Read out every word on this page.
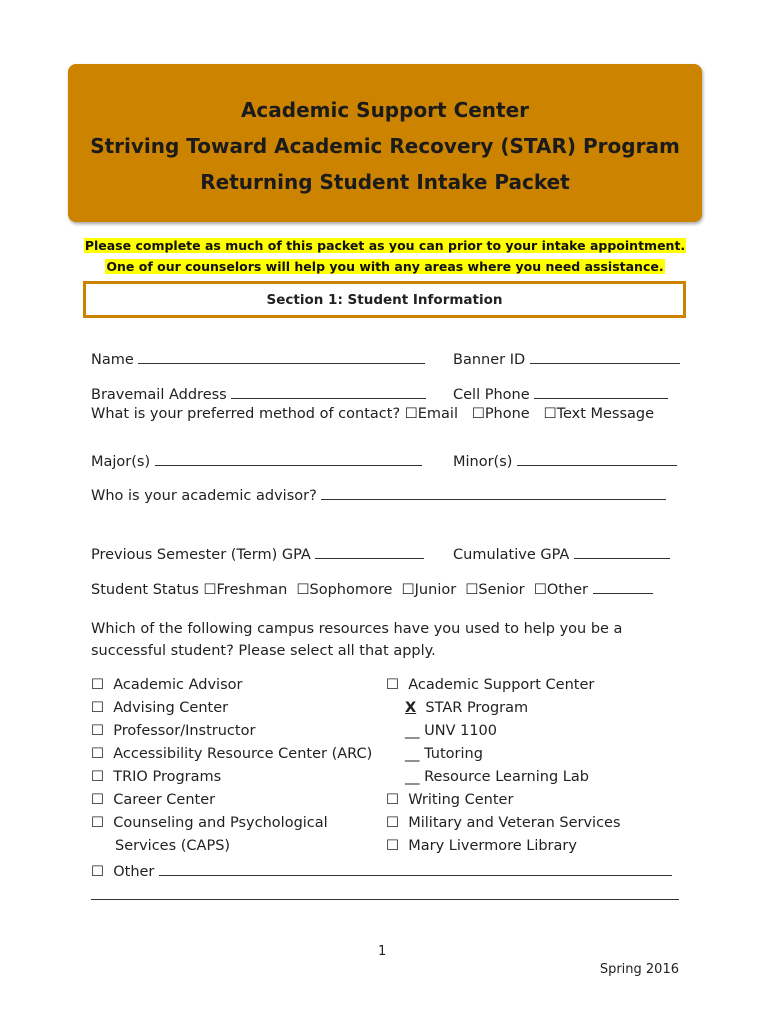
Academic Support Center
Striving Toward Academic Recovery (STAR) Program
Returning Student Intake Packet
Please complete as much of this packet as you can prior to your intake appointment.
One of our counselors will help you with any areas where you need assistance.
Section 1: Student Information
Name	Banner ID
Bravemail Address	Cell Phone
What is your preferred method of contact? ☐Email ☐Phone ☐Text Message
Major(s)	Minor(s)
Who is your academic advisor?
Previous Semester (Term) GPA	Cumulative GPA
Student Status ☐Freshman ☐Sophomore ☐Junior ☐Senior ☐Other
Which of the following campus resources have you used to help you be a
successful student? Please select all that apply.
☐ Academic Advisor
☐ Advising Center
☐ Professor/Instructor
☐ Accessibility Resource Center (ARC)
☐ TRIO Programs
☐ Career Center
☐ Counseling and Psychological
Services (CAPS)
☐ Other
☐ Academic Support Center
X STAR Program
__ UNV 1100
__ Tutoring
__ Resource Learning Lab
☐ Writing Center
☐ Military and Veteran Services
☐ Mary Livermore Library
1
Spring 2016
